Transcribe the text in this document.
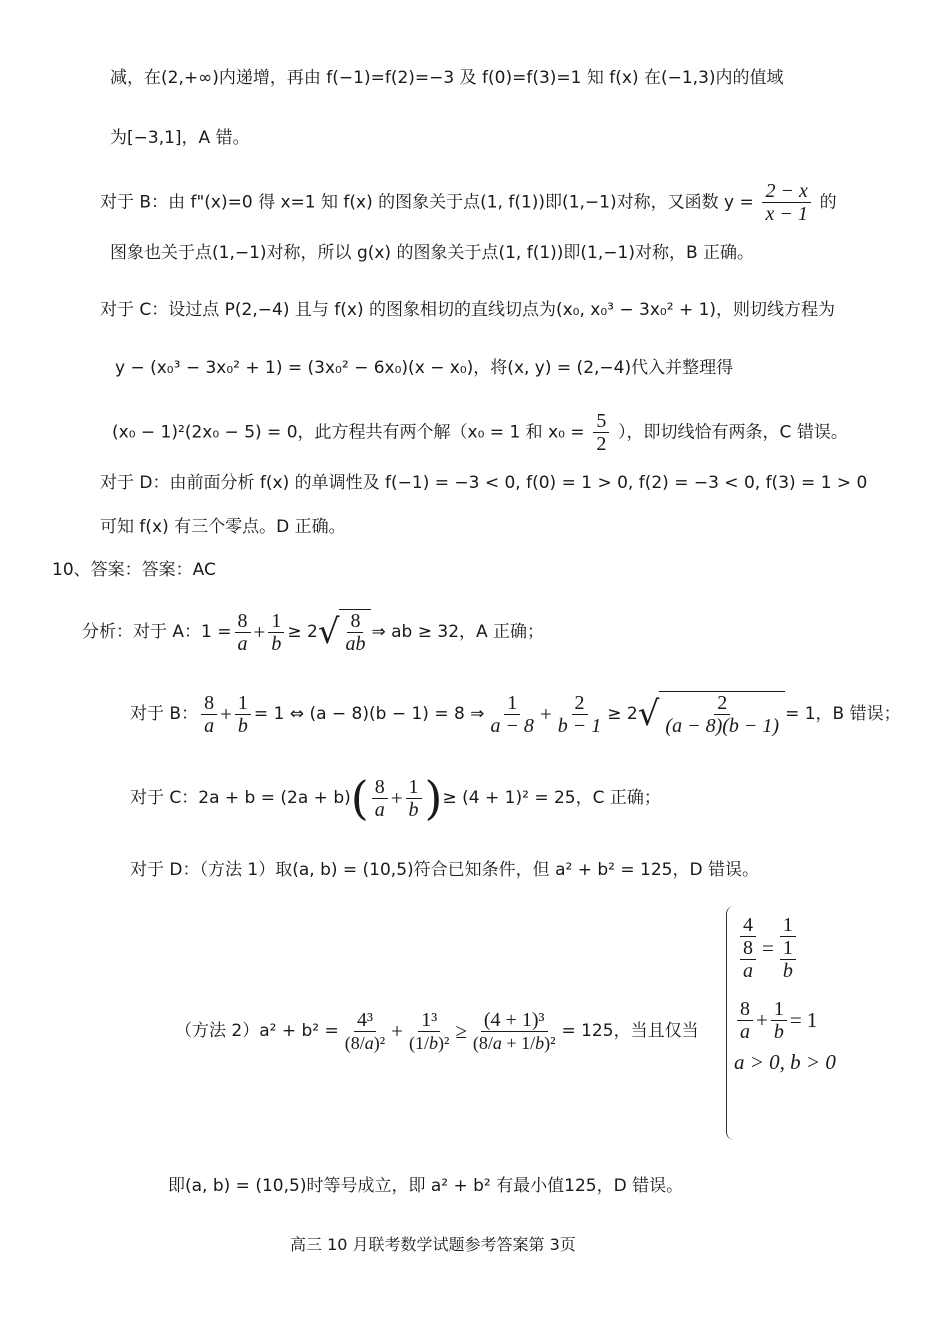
减，在(2,+∞)内递增，再由 f(−1)=f(2)=−3 及 f(0)=f(3)=1 知 f(x) 在(−1,3)内的值域
为[−3,1]，A 错。
对于 B：由 f"(x)=0 得 x=1 知 f(x) 的图象关于点(1, f(1))即(1,−1)对称，又函数 $y = \frac{2 - x}{x - 1}$ 的
图象也关于点(1,−1)对称，所以 g(x) 的图象关于点(1, f(1))即(1,−1)对称，B 正确。
对于 C：设过点 P(2,−4) 且与 f(x) 的图象相切的直线切点为(x₀, x₀³ − 3x₀² + 1)，则切线方程为
y − (x₀³ − 3x₀² + 1) = (3x₀² − 6x₀)(x − x₀)，将(x, y) = (2,−4)代入并整理得
(x₀ − 1)²(2x₀ − 5) = 0，此方程共有两个解（x₀ = 1 和 $x_0 = \frac{5}{2}$ ），即切线恰有两条，C 错误。
对于 D：由前面分析 f(x) 的单调性及 f(−1) = −3 < 0, f(0) = 1 > 0, f(2) = −3 < 0, f(3) = 1 > 0
可知 f(x) 有三个零点。D 正确。
10、答案：答案：AC
分析：对于 A：$1 = \frac{8}{a} + \frac{1}{b} \ge 2$ √ $\frac{8}{ab}$ ⇒ ab ≥ 32，A 正确；
对于 B： $\frac{8}{a} + \frac{1}{b} = 1$ ⇔ (a − 8)(b − 1) = 8 ⇒ $\frac{1}{a - 8} + \frac{2}{b - 1} \ge 2$ √ $\frac{2}{(a - 8)(b - 1)} = 1$，B 错误；
对于 C：2a + b = (2a + b) ( $\frac{8}{a} + \frac{1}{b}$ ) ≥ (4 + 1)² = 25，C 正确；
对于 D：（方法 1）取(a, b) = (10,5)符合已知条件，但 a² + b² = 125，D 错误。
（方法 $2)a^2 + b^2 = \frac{\text{4³}}{\text{(8/a)²}} + \frac{\text{1³}}{\text{(1/b)²}} \ge \frac{\text{(4 + 1)³}}{\text{(8/a + 1/b)²}} = 125$，当且仅当
$\frac{4}{\frac{8}{a}} = \frac{1}{\frac{1}{b}}$
$\frac{8}{a} + \frac{1}{b} = 1$
a > 0, b > 0
即(a, b) = (10,5)时等号成立，即 a² + b² 有最小值125，D 错误。
高三 10 月联考数学试题参考答案第 3页
